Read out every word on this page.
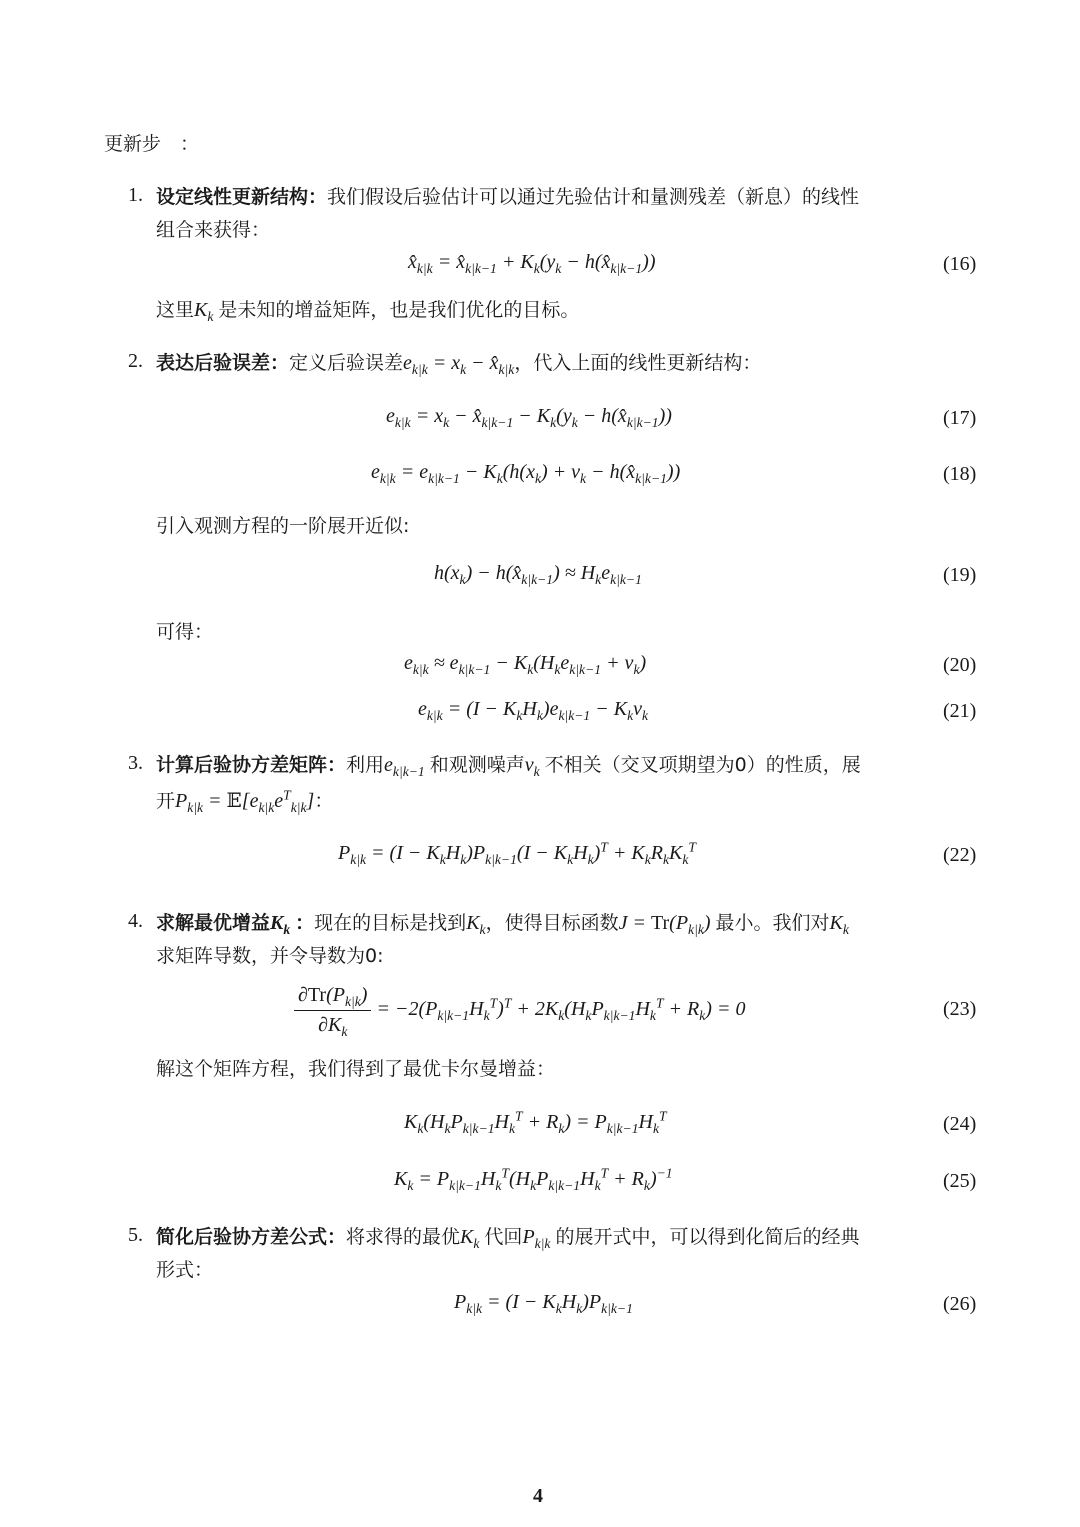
更新步　：
1. 设定线性更新结构：我们假设后验估计可以通过先验估计和量测残差（新息）的线性
组合来获得：
$x̂_{k|k}$ = $x̂_{k|k-1} + K_k(y_k$ − $h(x̂_{k|k-1})$)	(16)
这里$K_k$ 是未知的增益矩阵，也是我们优化的目标。
2. 表达后验误差：定义后验误差$e_{k|k} = x_k$ − $x̂_{k|k}$，代入上面的线性更新结构：
$e_{k|k} = x_k$ − $x̂_{k|k-1} - K_k(y_k$ − $h(x̂_{k|k-1})$)	(17)
$e_{k|k} = e_{k|k-1} - K_k(h(x_k) + v_k$ − $h(x̂_{k|k-1})$)	(18)
引入观测方程的一阶展开近似:
$h(x_k)$ − $h(x̂_{k|k-1}) \approx H_ke_{k|k-1}$	(19)
可得：
$e_{k|k} \approx e_{k|k-1} - K_k(H_ke_{k|k-1} + v_k)$	(20)
$e_{k|k} = (I - K_kH_k)e_{k|k-1} - K_kv_k$	(21)
3. 计算后验协方差矩阵：利用$e_{k|k-1}$ 和观测噪声$v_k$ 不相关（交叉项期望为0）的性质，展
开$P_{k|k}$ = $𝔼[e_{k|k}e^T_{k|k}]$：
$P_{k|k} = (I - K_kH_k)P_{k|k-1}(I - K_kH_k)^T + K_kR_kK_k^T$	(22)
4. 求解最优增益$K_k$ ：现在的目标是找到$K_k$，使得目标函数$J = Tr(P_{k|k})$ 最小。我们对$K_k$
求矩阵导数，并令导数为0:
$\frac{\partial Tr(P_{k|k})}{\partial K_k} = -2(P_{k|k-1}H_k^T)^T + 2K_k(H_kP_{k|k-1}H_k^T + R_k) = 0$	(23)
解这个矩阵方程，我们得到了最优卡尔曼增益：
$K_k(H_kP_{k|k-1}H_k^T + R_k) = P_{k|k-1}H_k^T$	(24)
$K_k = P_{k|k-1}H_k^T(H_kP_{k|k-1}H_k^T + R_k)^{-1}$	(25)
5. 简化后验协方差公式：将求得的最优$K_k$ 代回$P_{k|k}$ 的展开式中，可以得到化简后的经典
形式：
$P_{k|k} = (I - K_kH_k)P_{k|k-1}$	(26)
4
